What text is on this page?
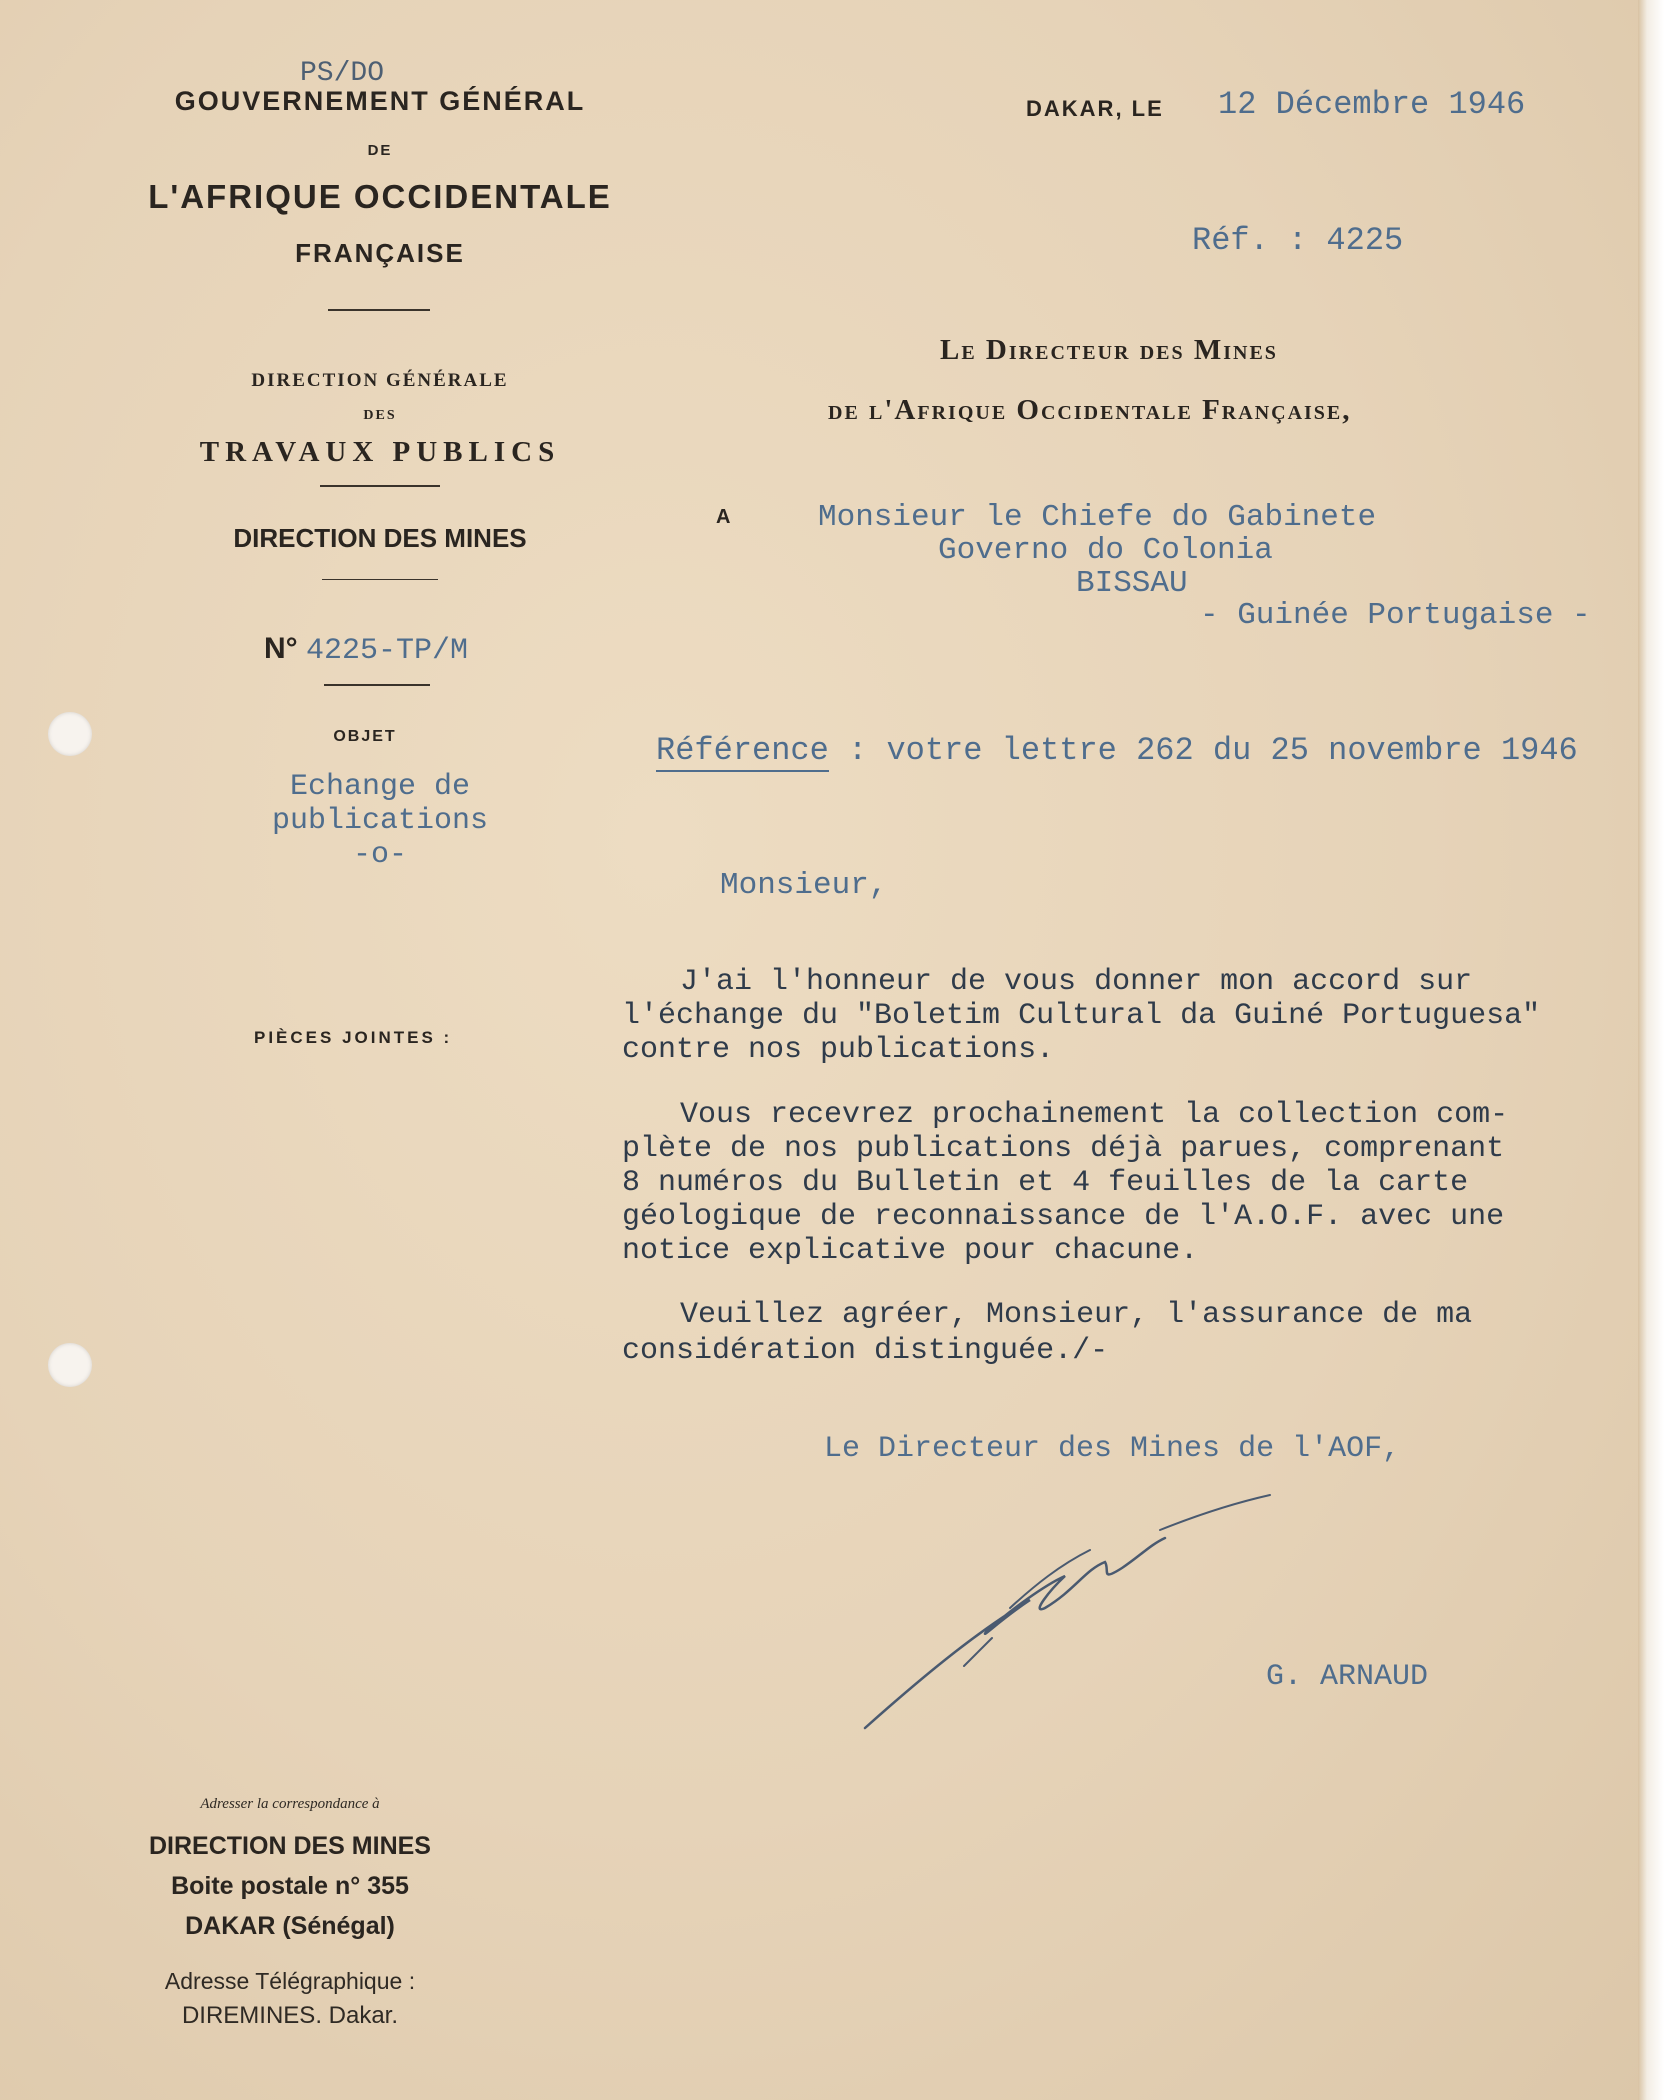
PS/DO
GOUVERNEMENT GÉNÉRAL
DE
L'AFRIQUE OCCIDENTALE
FRANÇAISE
DIRECTION GÉNÉRALE
DES
TRAVAUX PUBLICS
DIRECTION DES MINES
N° 4225-TP/M
OBJET
Echange de
publications
-o-
PIÈCES JOINTES :
DAKAR, LE 12 Décembre 1946
Réf. : 4225
Le Directeur des Mines
de l'Afrique Occidentale Française,
A	Monsieur le Chiefe do Gabinete
Governo do Colonia
BISSAU
- Guinée Portugaise -
Référence : votre lettre 262 du 25 novembre 1946
Monsieur,
J'ai l'honneur de vous donner mon accord sur
l'échange du "Boletim Cultural da Guiné Portuguesa"
contre nos publications.
Vous recevrez prochainement la collection com-
plète de nos publications déjà parues, comprenant
8 numéros du Bulletin et 4 feuilles de la carte
géologique de reconnaissance de l'A.O.F. avec une
notice explicative pour chacune.
Veuillez agréer, Monsieur, l'assurance de ma
considération distinguée./-
Le Directeur des Mines de l'AOF,
G. ARNAUD
Adresser la correspondance à
DIRECTION DES MINES
Boite postale n° 355
DAKAR (Sénégal)
Adresse Télégraphique :
DIREMINES. Dakar.
